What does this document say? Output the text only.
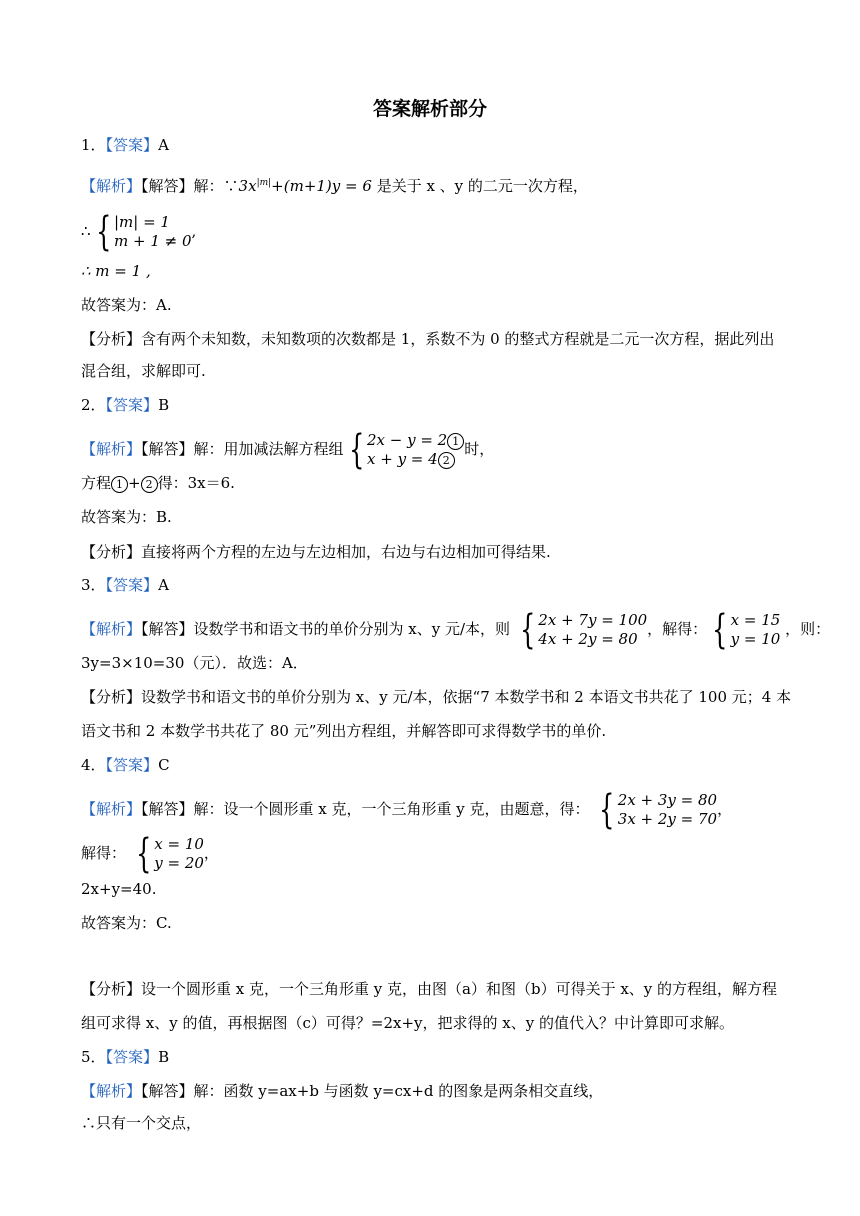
答案解析部分
1．【答案】A
【解析】【解答】解：$\because 3x^{|m|}+(m+1)y = 6$ 是关于 x 、y 的二元一次方程，
∴ { |m| = 1
m + 1 ≠ 0
,
∴ m = 1 ,
故答案为：A.
【分析】含有两个未知数，未知数项的次数都是 1，系数不为 0 的整式方程就是二元一次方程，据此列出
混合组，求解即可.
2．【答案】B
【解析】【解答】解：用加减法解方程组 { 2x − y = 2 1
x + y = 4 2
时，
方程 1 + 2 得：3x＝6.
故答案为：B.
【分析】直接将两个方程的左边与左边相加，右边与右边相加可得结果.
3．【答案】A
【解析】【解答】设数学书和语文书的单价分别为 x、y 元/本，则 { 2x + 7y = 100
4x + 2y = 80
，解得： { x = 15
y = 10
，则：
3y=3×10=30（元）．故选：A．
【分析】设数学书和语文书的单价分别为 x、y 元/本，依据“7 本数学书和 2 本语文书共花了 100 元；4 本
语文书和 2 本数学书共花了 80 元”列出方程组，并解答即可求得数学书的单价.
4．【答案】C
【解析】【解答】解：设一个圆形重 x 克，一个三角形重 y 克，由题意，得： { 2x + 3y = 80
3x + 2y = 70
，
解得： { x = 10
y = 20
，
2x+y=40.
故答案为：C.
【分析】设一个圆形重 x 克，一个三角形重 y 克，由图（a）和图（b）可得关于 x、y 的方程组，解方程
组可求得 x、y 的值，再根据图（c）可得？=2x+y，把求得的 x、y 的值代入？中计算即可求解。
5．【答案】B
【解析】【解答】解：函数 y=ax+b 与函数 y=cx+d 的图象是两条相交直线，
∴只有一个交点，
